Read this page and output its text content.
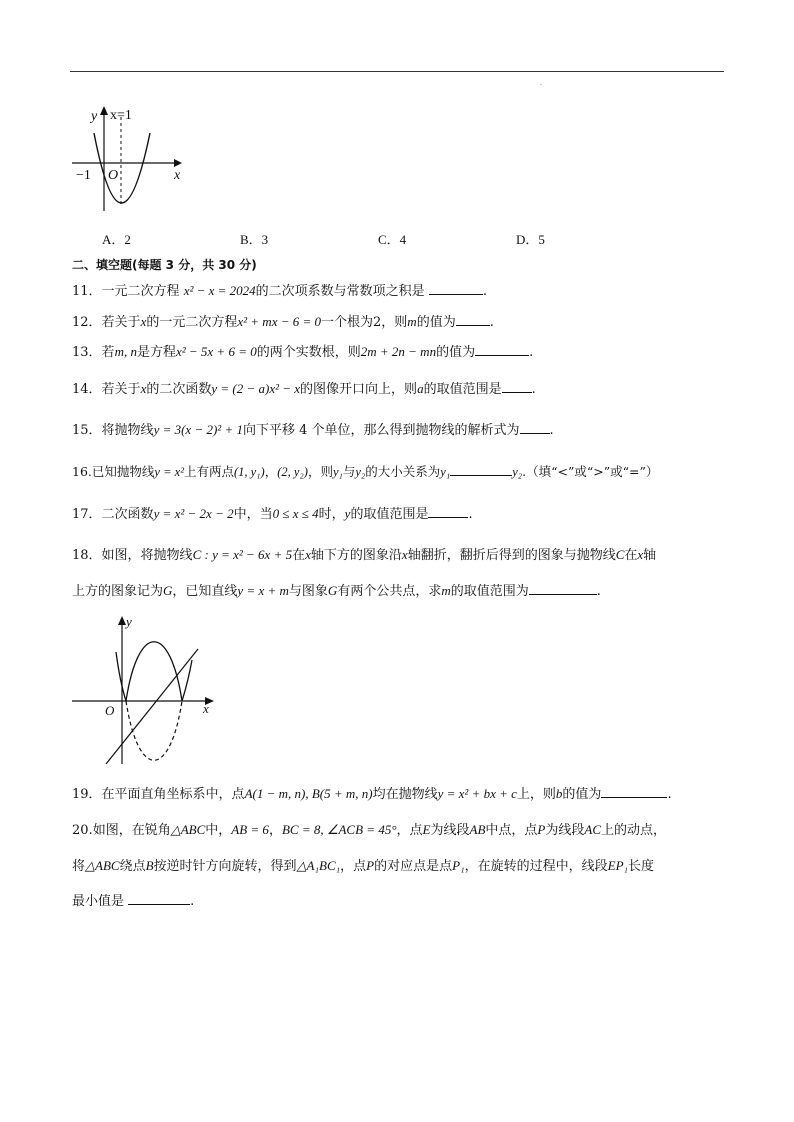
.
y x=1
−1 O	x
A．2	B．3	C．4	D．5
二、填空题(每题 3 分，共 30 分)
11．一元二次方程 x² − x = 2024的二次项系数与常数项之积是	.
12．若关于x的一元二次方程x² + mx − 6 = 0一个根为2，则m的值为	.
13．若m, n是方程x² − 5x + 6 = 0的两个实数根，则2m + 2n − mn的值为	.
14．若关于x的二次函数y = (2 − a)x² − x的图像开口向上，则a的取值范围是 .
15．将抛物线y = 3(x − 2)² + 1向下平移 4 个单位，那么得到抛物线的解析式为 .
16.已知抛物线y = x²上有两点(1, y₁)，(2, y₂)，则y₁与y₂的大小关系为y₁	y₂.（填“<”或“>”或“=”）
17．二次函数y = x² − 2x − 2中，当0 ≤ x ≤ 4时，y的取值范围是	.
18．如图，将抛物线C : y = x² − 6x + 5在x轴下方的图象沿x轴翻折，翻折后得到的图象与抛物线C在x轴
上方的图象记为G，已知直线y = x + m与图象G有两个公共点，求m的取值范围为	.
y
O	x
19．在平面直角坐标系中，点A(1 − m, n), B(5 + m, n)均在抛物线y = x² + bx + c上，则b的值为	.
20.如图，在锐角△ABC中，AB = 6，BC = 8, ∠ACB = 45°，点E为线段AB中点，点P为线段AC上的动点，
将△ABC绕点B按逆时针方向旋转，得到△A₁BC₁，点P的对应点是点P₁，在旋转的过程中，线段EP₁长度
最小值是	.
